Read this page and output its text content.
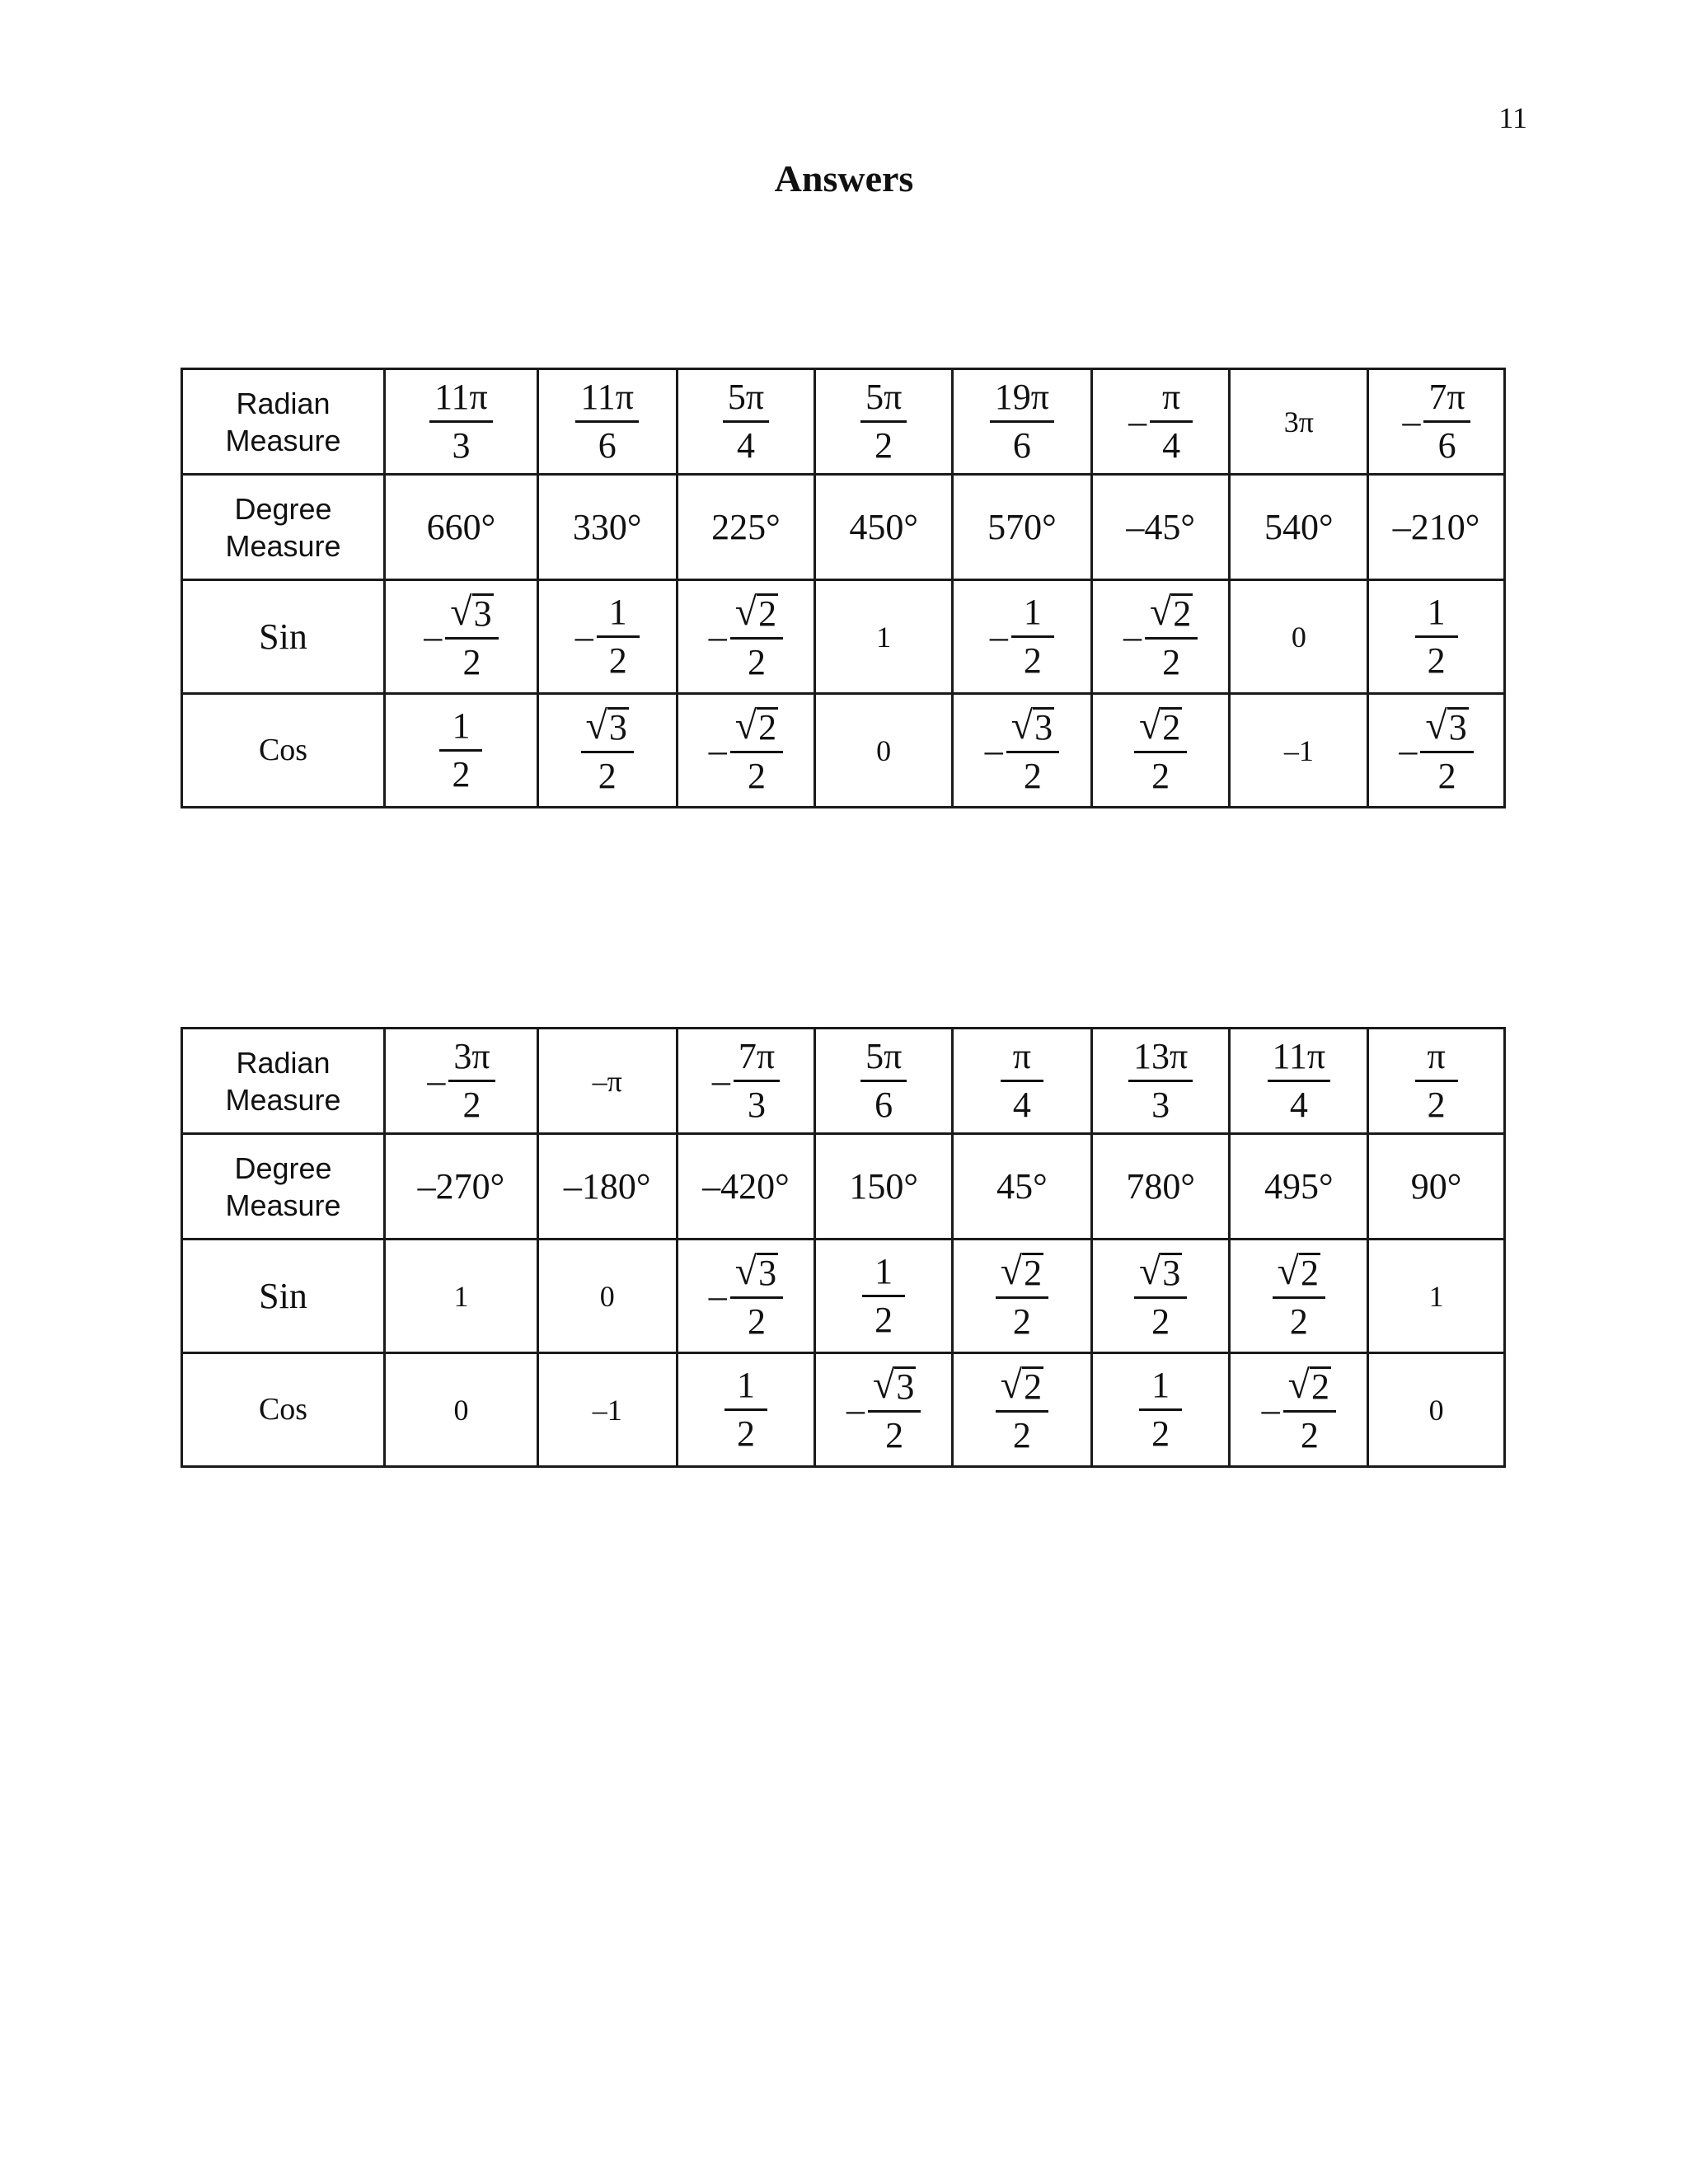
11
Answers
Radian Measure	$\frac{11\pi}{3}$	$\frac{11\pi}{6}$	$\frac{5\pi}{4}$	$\frac{5\pi}{2}$	$\frac{19\pi}{6}$	– $\frac{\pi}{4}$	3π	– $\frac{7\pi}{6}$

Degree Measure	660°	330°	225°	450°	570°	–45°	540°	–210°
Sin	– $\frac{√ 3}{2}$	– $\frac{1}{2}$	– $\frac{√ 2}{2}$	1	– $\frac{1}{2}$	– $\frac{√ 2}{2}$	0	$\frac{1}{2}$

Cos	$\frac{1}{2}$	$\frac{√ 3}{2}$	– $\frac{√ 2}{2}$	0	– $\frac{√ 3}{2}$	$\frac{√ 2}{2}$	–1	– $\frac{√ 3}{2}$
Radian Measure	– $\frac{3\pi}{2}$	–π	– $\frac{7\pi}{3}$	$\frac{5\pi}{6}$	$\frac{\pi}{4}$	$\frac{13\pi}{3}$	$\frac{11\pi}{4}$	$\frac{\pi}{2}$

Degree Measure	–270°	–180°	–420°	150°	45°	780°	495°	90°
Sin	1	0	– $\frac{√ 3}{2}$	$\frac{1}{2}$	$\frac{√ 2}{2}$	$\frac{√ 3}{2}$	$\frac{√ 2}{2}$	1
Cos	0	–1	$\frac{1}{2}$	– $\frac{√ 3}{2}$	$\frac{√ 2}{2}$	$\frac{1}{2}$	– $\frac{√ 2}{2}$	0
